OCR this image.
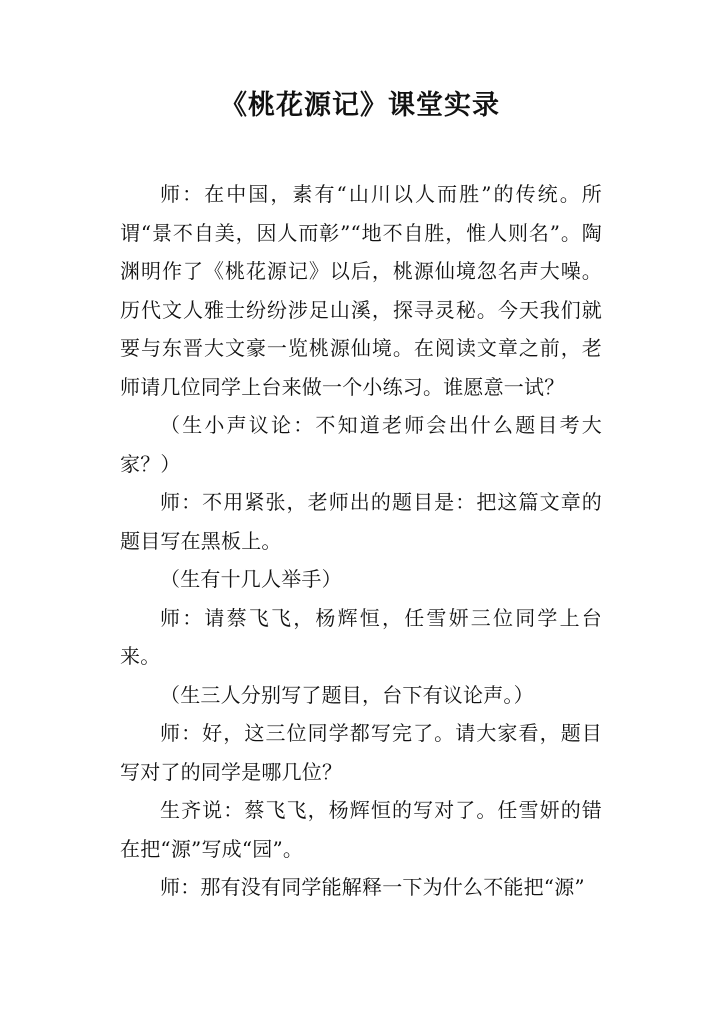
《桃花源记》课堂实录

师：在中国，素有“山川以人而胜”的传统。所谓“景不自美，因人而彰”“地不自胜，惟人则名”。陶渊明作了《桃花源记》以后，桃源仙境忽名声大噪。历代文人雅士纷纷涉足山溪，探寻灵秘。今天我们就要与东晋大文豪一览桃源仙境。在阅读文章之前，老师请几位同学上台来做一个小练习。谁愿意一试？

（生小声议论：不知道老师会出什么题目考大家？）

师：不用紧张，老师出的题目是：把这篇文章的题目写在黑板上。

（生有十几人举手）

师：请蔡飞飞，杨辉恒，任雪妍三位同学上台来。

（生三人分别写了题目，台下有议论声。）

师：好，这三位同学都写完了。请大家看，题目写对了的同学是哪几位？

生齐说：蔡飞飞，杨辉恒的写对了。任雪妍的错在把“源”写成“园”。

师：那有没有同学能解释一下为什么不能把“源”
